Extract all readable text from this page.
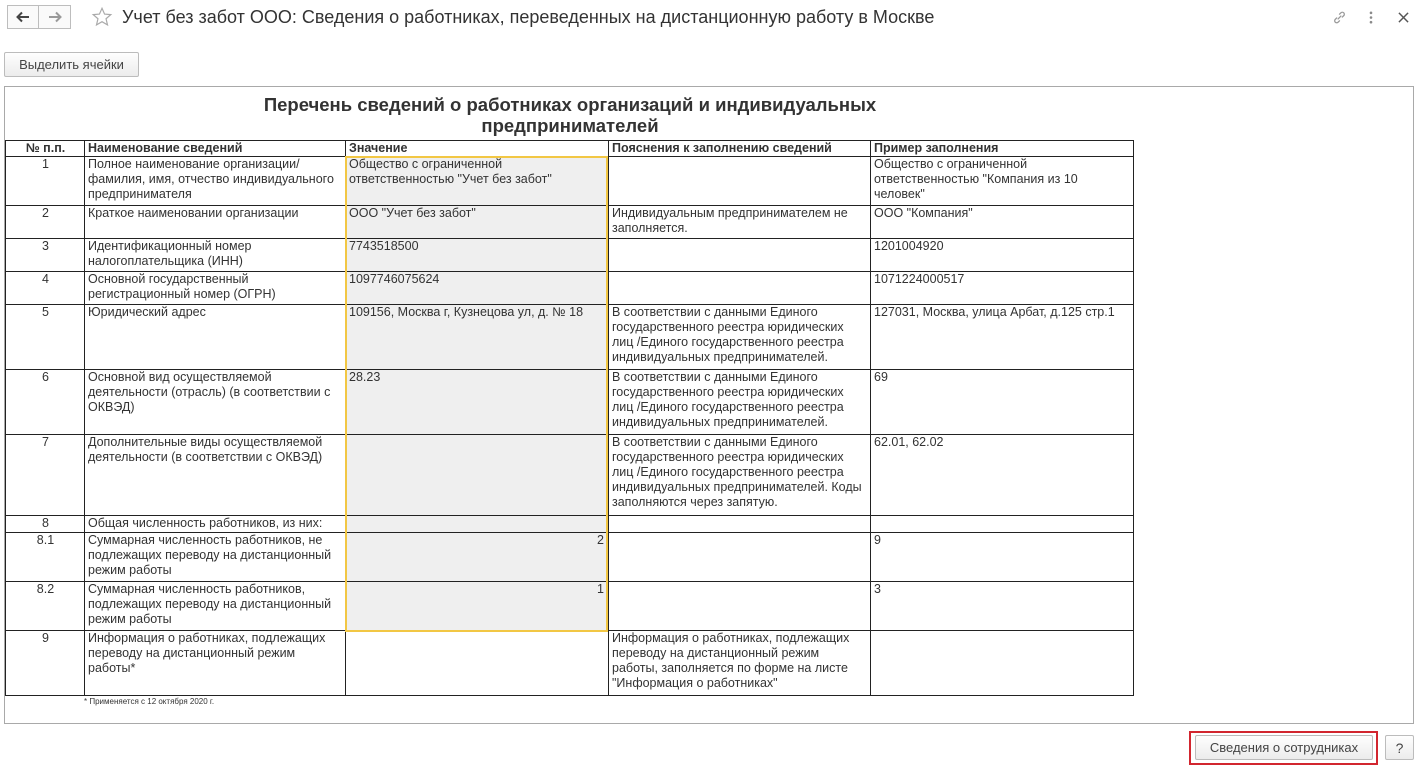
Учет без забот ООО: Сведения о работниках, переведенных на дистанционную работу в Москве
Выделить ячейки
Перечень сведений о работниках организаций и индивидуальных предпринимателей
№ п.п.	Наименование сведений	Значение	Пояснения к заполнению сведений	Пример заполнения
1	Полное наименование организации/ фамилия, имя, отчество индивидуального предпринимателя	Общество с ограниченной ответственностью "Учет без забот"		Общество с ограниченной ответственностью "Компания из 10 человек"
2	Краткое наименовании организации	ООО "Учет без забот"	Индивидуальным предпринимателем не заполняется.	ООО "Компания"
3	Идентификационный номер налогоплательщика (ИНН)	7743518500		1201004920
4	Основной государственный регистрационный номер (ОГРН)	1097746075624		1071224000517
5	Юридический адрес	109156, Москва г, Кузнецова ул, д. № 18	В соответствии с данными Единого государственного реестра юридических лиц /Единого государственного реестра индивидуальных предпринимателей.	127031, Москва, улица Арбат, д.125 стр.1
6	Основной вид осуществляемой деятельности (отрасль) (в соответствии с ОКВЭД)	28.23	В соответствии с данными Единого государственного реестра юридических лиц /Единого государственного реестра индивидуальных предпринимателей.	69
7	Дополнительные виды осуществляемой деятельности (в соответствии с ОКВЭД)		В соответствии с данными Единого государственного реестра юридических лиц /Единого государственного реестра индивидуальных предпринимателей. Коды заполняются через запятую.	62.01, 62.02
8	Общая численность работников, из них:			
8.1	Суммарная численность работников, не подлежащих переводу на дистанционный режим работы	2		9
8.2	Суммарная численность работников, подлежащих переводу на дистанционный режим работы	1		3
9	Информация о работниках, подлежащих переводу на дистанционный режим работы*		Информация о работниках, подлежащих переводу на дистанционный режим работы, заполняется по форме на листе "Информация о работниках"	
* Применяется с 12 октября 2020 г.
Сведения о сотрудниках	?
